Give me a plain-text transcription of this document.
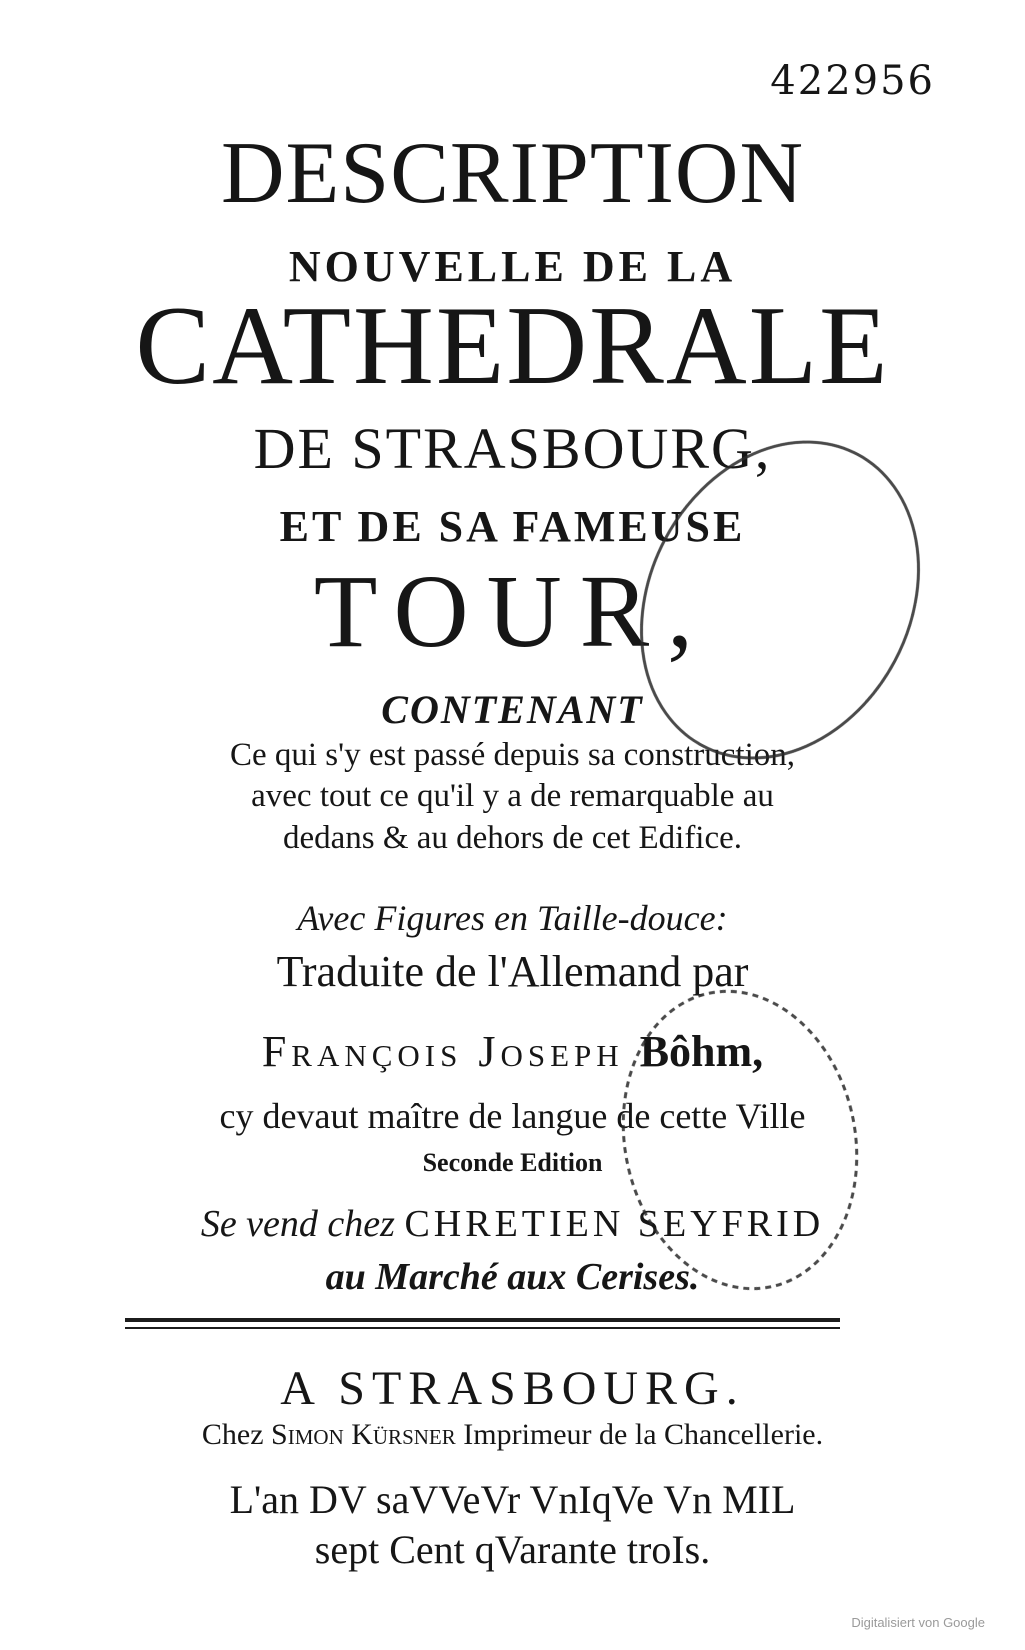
422956
DESCRIPTION
NOUVELLE DE LA
CATHEDRALE
DE STRASBOURG,
ET DE SA FAMEUSE
TOUR,
CONTENANT
Ce qui s'y est passé depuis sa construction,
avec tout ce qu'il y a de remarquable au
dedans & au dehors de cet Edifice.
Avec Figures en Taille-douce:
Traduite de l'Allemand par
François Joseph Bôhm,
cy devaut maître de langue de cette Ville
Seconde Edition
Se vend chez CHRETIEN SEYFRID
au Marché aux Cerises.
A STRASBOURG.
Chez Simon Kürsner Imprimeur de la Chancellerie.
L'an DV saVVeVr VnIqVe Vn MIL
sept Cent qVarante troIs.
Digitalisiert von Google
